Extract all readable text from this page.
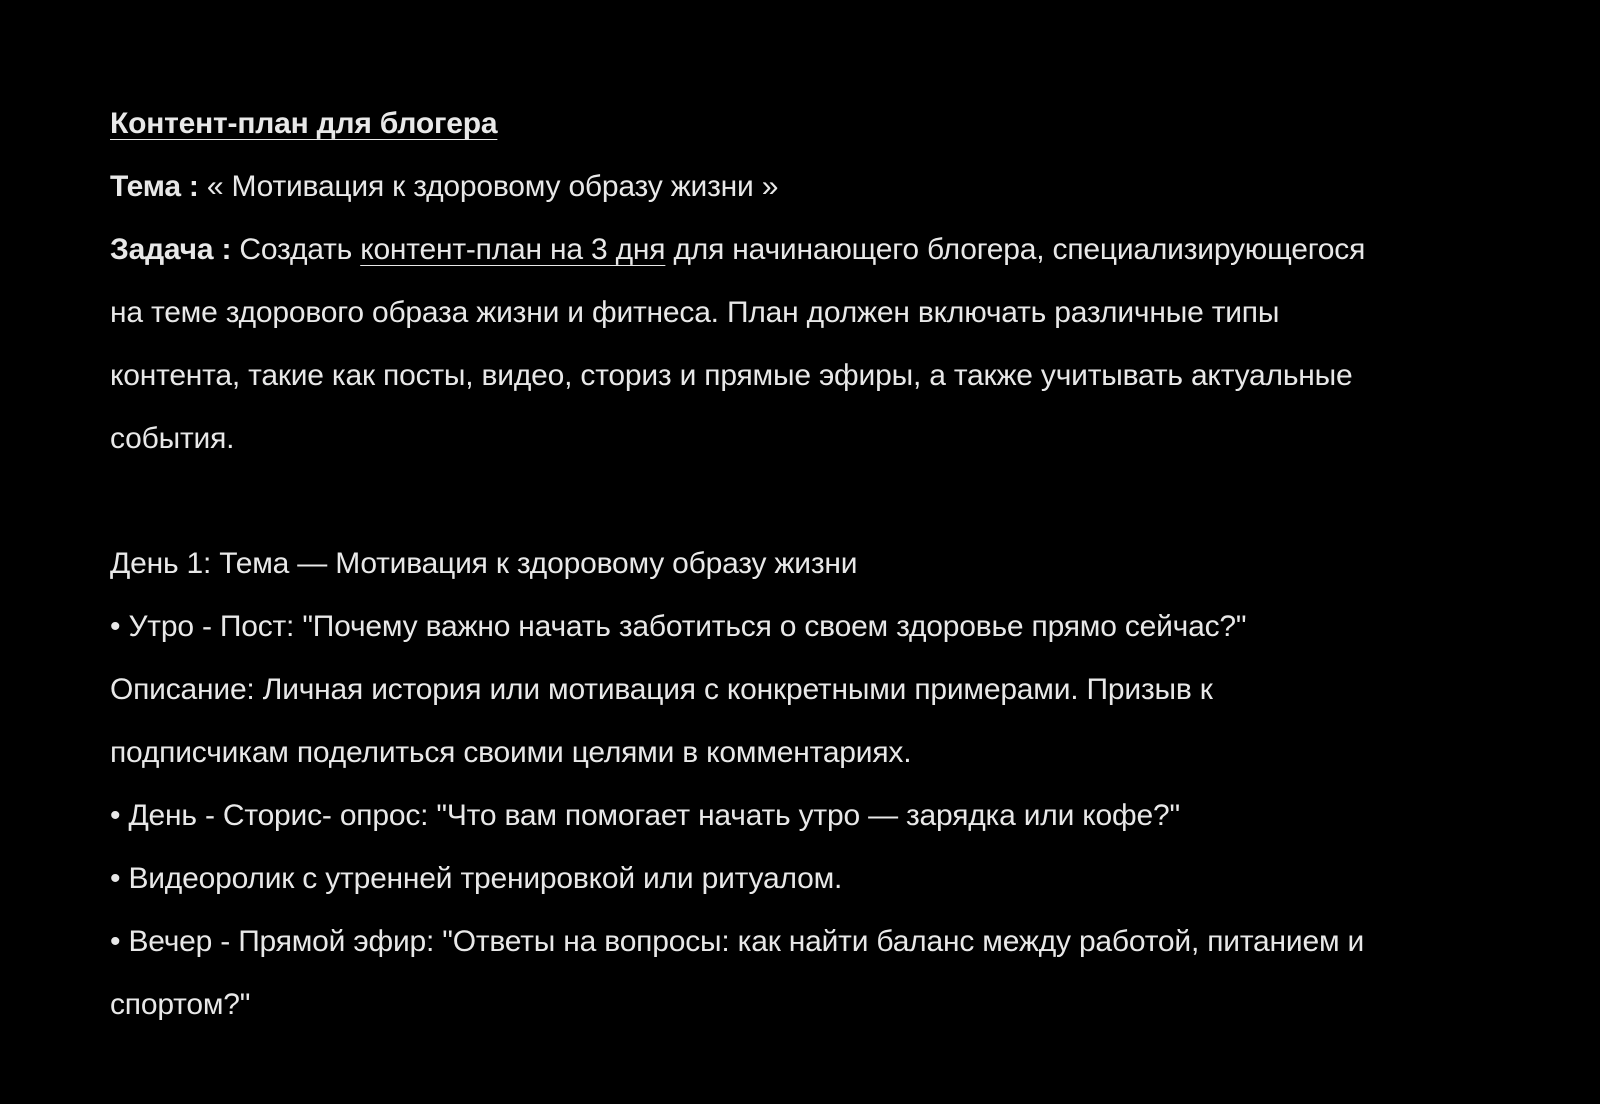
Контент-план для блогера
Тема : « Мотивация к здоровому образу жизни »
Задача : Создать контент-план на 3 дня для начинающего блогера, специализирующегося
на теме здорового образа жизни и фитнеса. План должен включать различные типы
контента, такие как посты, видео, сториз и прямые эфиры, а также учитывать актуальные
события.
День 1: Тема — Мотивация к здоровому образу жизни
• Утро - Пост: "Почему важно начать заботиться о своем здоровье прямо сейчас?"
Описание: Личная история или мотивация с конкретными примерами. Призыв к
подписчикам поделиться своими целями в комментариях.
• День - Сторис- опрос: "Что вам помогает начать утро — зарядка или кофе?"
• Видеоролик с утренней тренировкой или ритуалом.
• Вечер - Прямой эфир: "Ответы на вопросы: как найти баланс между работой, питанием и
спортом?"
